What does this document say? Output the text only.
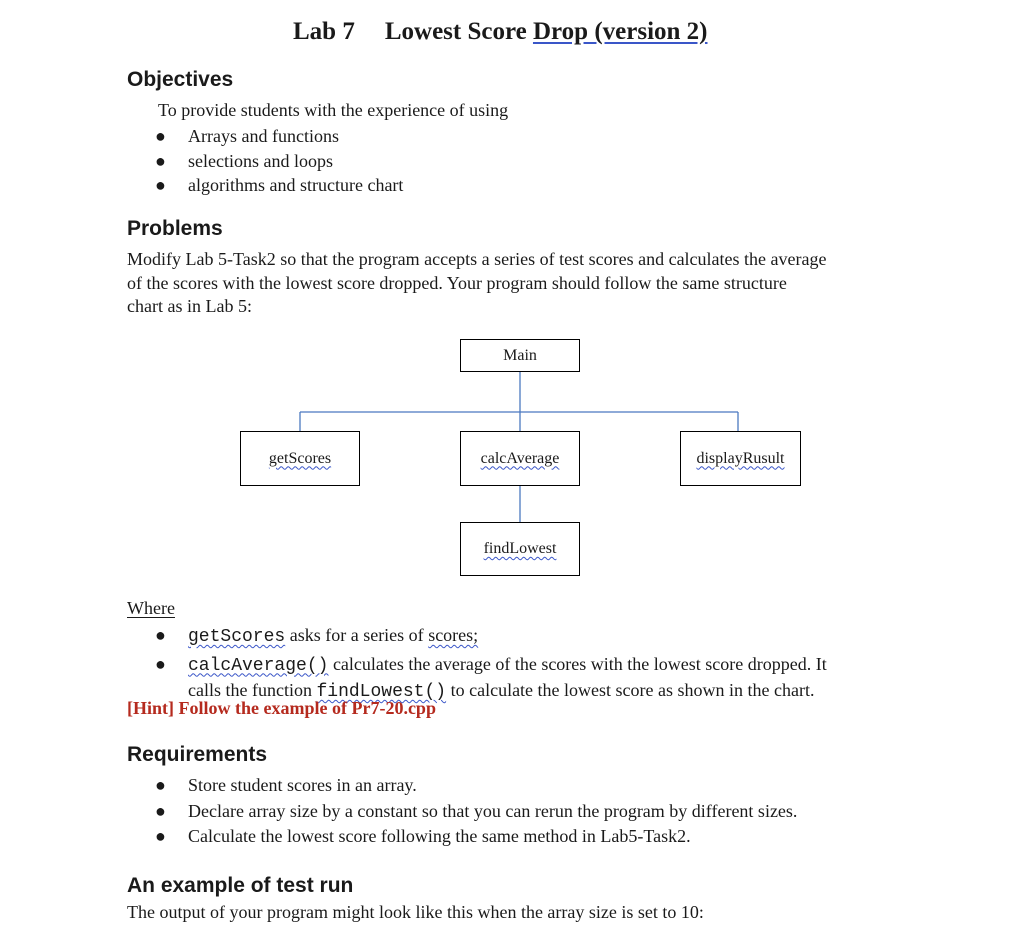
Lab 7 Lowest Score Drop (version 2)
Objectives
To provide students with the experience of using
● Arrays and functions
● selections and loops
● algorithms and structure chart
Problems
Modify Lab 5-Task2 so that the program accepts a series of test scores and calculates the average
of the scores with the lowest score dropped. Your program should follow the same structure
chart as in Lab 5:
Main
getScores	calcAverage	displayRusult
findLowest
Where
● getScores asks for a series of scores;
● calcAverage() calculates the average of the scores with the lowest score dropped. It
calls the function findLowest() to calculate the lowest score as shown in the chart.
[Hint] Follow the example of Pr7-20.cpp
Requirements
● Store student scores in an array.
● Declare array size by a constant so that you can rerun the program by different sizes.
● Calculate the lowest score following the same method in Lab5-Task2.
An example of test run
The output of your program might look like this when the array size is set to 10:
